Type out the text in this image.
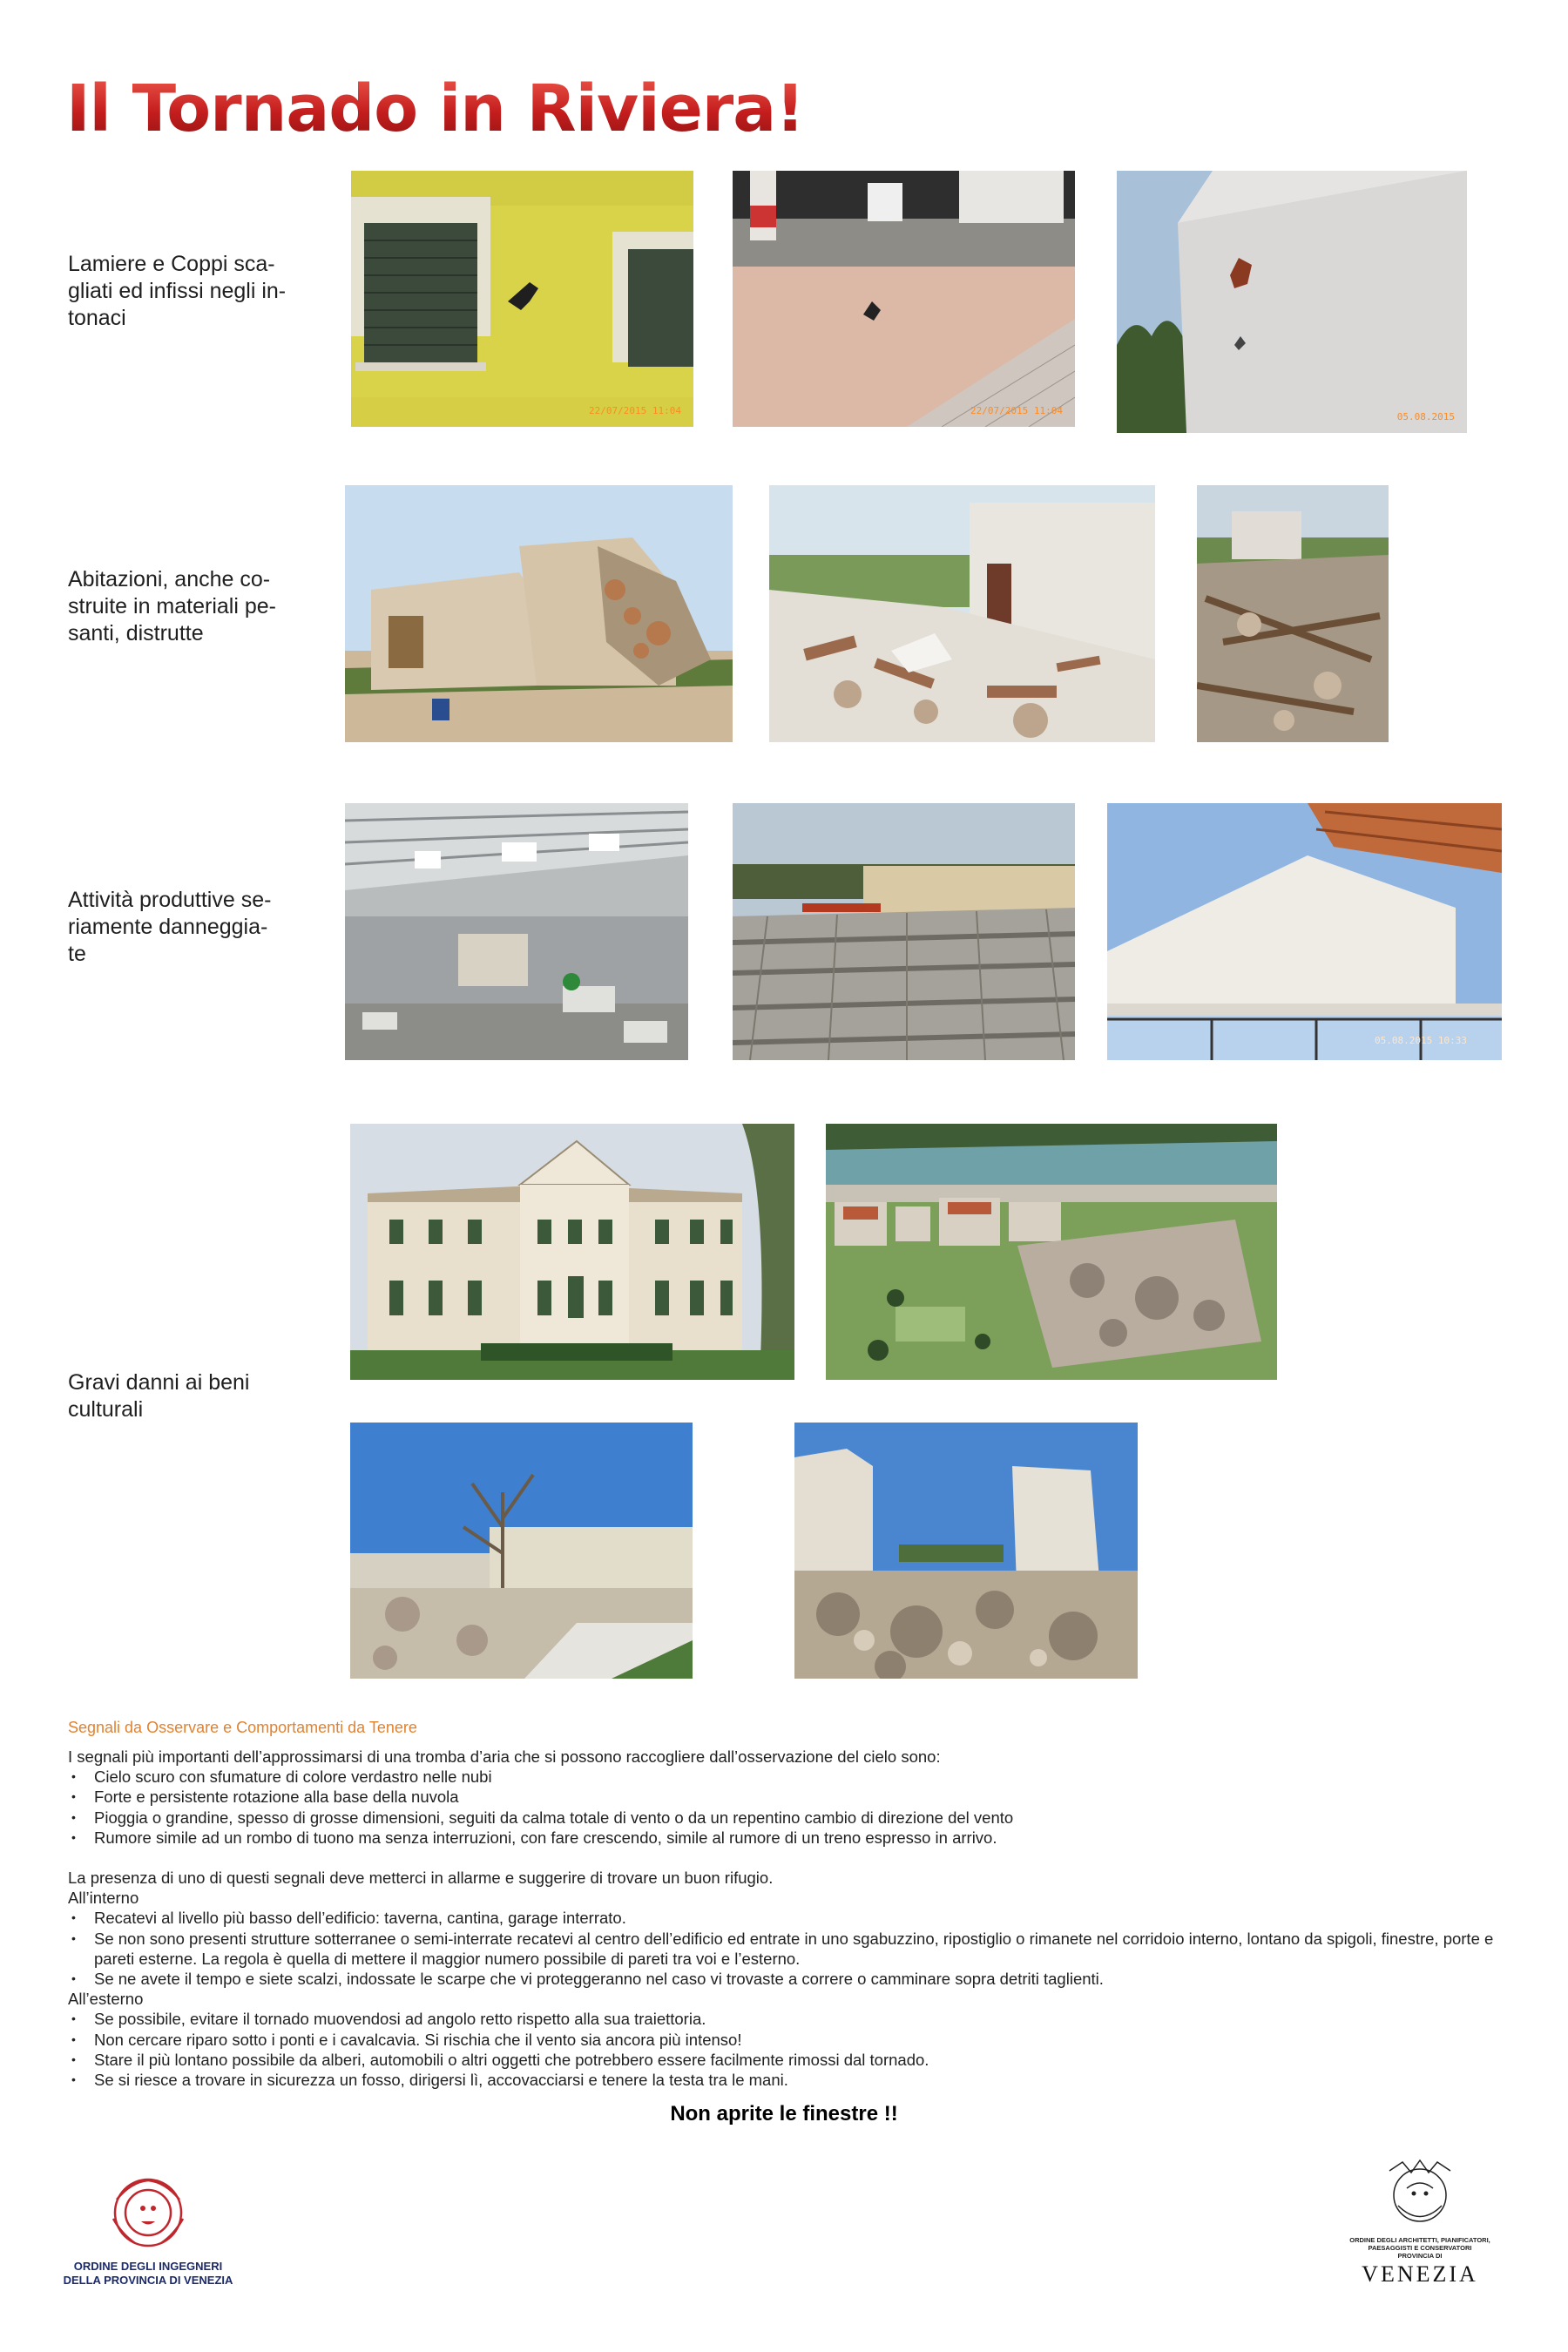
Il Tornado in Riviera!
Lamiere e Coppi sca-
gliati ed infissi negli in-
tonaci
22/07/2015 11:04	22/07/2015 11:04
05.08.2015
Abitazioni, anche co-
struite in materiali pe-
santi, distrutte
Attività produttive se-
riamente danneggia-
te
05.08.2015 10:33
Gravi danni ai beni
culturali
Segnali da Osservare e Comportamenti da Tenere

I segnali più importanti dell’approssimarsi di una tromba d’aria che si possono raccogliere dall’osservazione del cielo sono:

• Cielo scuro con sfumature di colore verdastro nelle nubi
• Forte e persistente rotazione alla base della nuvola
• Pioggia o grandine, spesso di grosse dimensioni, seguiti da calma totale di vento o da un repentino cambio di direzione del vento
• Rumore simile ad un rombo di tuono ma senza interruzioni, con fare crescendo, simile al rumore di un treno espresso in arrivo.

La presenza di uno di questi segnali deve metterci in allarme e suggerire di trovare un buon rifugio.

All’interno

• Recatevi al livello più basso dell’edificio: taverna, cantina, garage interrato.
• Se non sono presenti strutture sotterranee o semi-interrate recatevi al centro dell’edificio ed entrate in uno sgabuzzino, ripostiglio o rimanete nel corridoio interno, lontano da spigoli, finestre, porte e pareti esterne. La regola è quella di mettere il maggior numero possibile di pareti tra voi e l’esterno.
• Se ne avete il tempo e siete scalzi, indossate le scarpe che vi proteggeranno nel caso vi trovaste a correre o camminare sopra detriti taglienti.

All’esterno

• Se possibile, evitare il tornado muovendosi ad angolo retto rispetto alla sua traiettoria.
• Non cercare riparo sotto i ponti e i cavalcavia. Si rischia che il vento sia ancora più intenso!
• Stare il più lontano possibile da alberi, automobili o altri oggetti che potrebbero essere facilmente rimossi dal tornado.
• Se si riesce a trovare in sicurezza un fosso, dirigersi lì, accovacciarsi e tenere la testa tra le mani.
Non aprite le finestre !!
ORDINE DEGLI INGEGNERI
DELLA PROVINCIA DI VENEZIA
ORDINE DEGLI ARCHITETTI, PIANIFICATORI,
PAESAGGISTI E CONSERVATORI
PROVINCIA DI
VENEZIA
